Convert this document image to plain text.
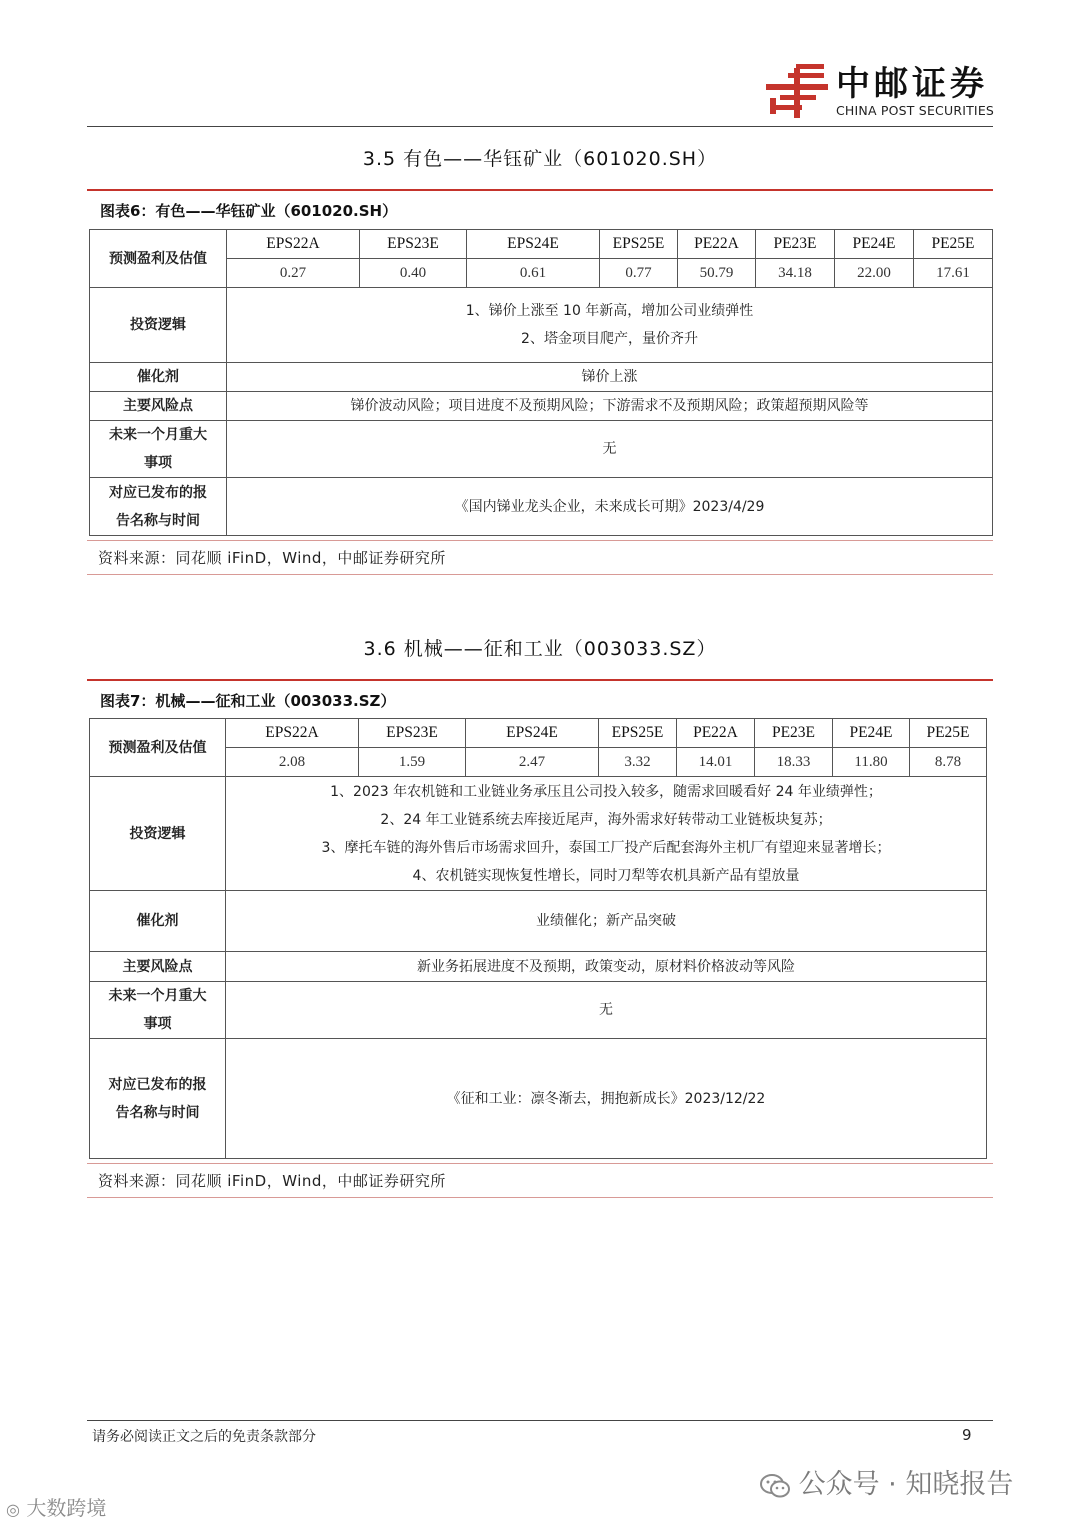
中邮证券
CHINA POST SECURITIES
3.5 有色——华钰矿业（601020.SH）
图表6：有色——华钰矿业（601020.SH）
预测盈利及估值	EPS22A	EPS23E	EPS24E	EPS25E	PE22A	PE23E	PE24E	PE25E
	0.27	0.40	0.61	0.77	50.79	34.18	22.00	17.61
投资逻辑	1、锑价上涨至 10 年新高，增加公司业绩弹性
2、塔金项目爬产，量价齐升							

催化剂	锑价上涨							
主要风险点	锑价波动风险；项目进度不及预期风险；下游需求不及预期风险；政策超预期风险等							

未来一个月重大
事项	无							

对应已发布的报
告名称与时间	《国内锑业龙头企业，未来成长可期》2023/4/29							
资料来源：同花顺 iFinD，Wind，中邮证券研究所
3.6 机械——征和工业（003033.SZ）
图表7：机械——征和工业（003033.SZ）
预测盈利及估值	EPS22A	EPS23E	EPS24E	EPS25E	PE22A	PE23E	PE24E	PE25E
	2.08	1.59	2.47	3.32	14.01	18.33	11.80	8.78
投资逻辑	1、2023 年农机链和工业链业务承压且公司投入较多，随需求回暖看好 24 年业绩弹性；
2、24 年工业链系统去库接近尾声，海外需求好转带动工业链板块复苏；
3、摩托车链的海外售后市场需求回升，泰国工厂投产后配套海外主机厂有望迎来显著增长；
4、农机链实现恢复性增长，同时刀犁等农机具新产品有望放量							

催化剂	业绩催化；新产品突破							
主要风险点	新业务拓展进度不及预期，政策变动，原材料价格波动等风险							

未来一个月重大
事项	无							

对应已发布的报
告名称与时间	《征和工业：凛冬渐去，拥抱新成长》2023/12/22							
资料来源：同花顺 iFinD，Wind，中邮证券研究所
请务必阅读正文之后的免责条款部分	9
公众号 · 知晓报告
◎ 大数跨境
